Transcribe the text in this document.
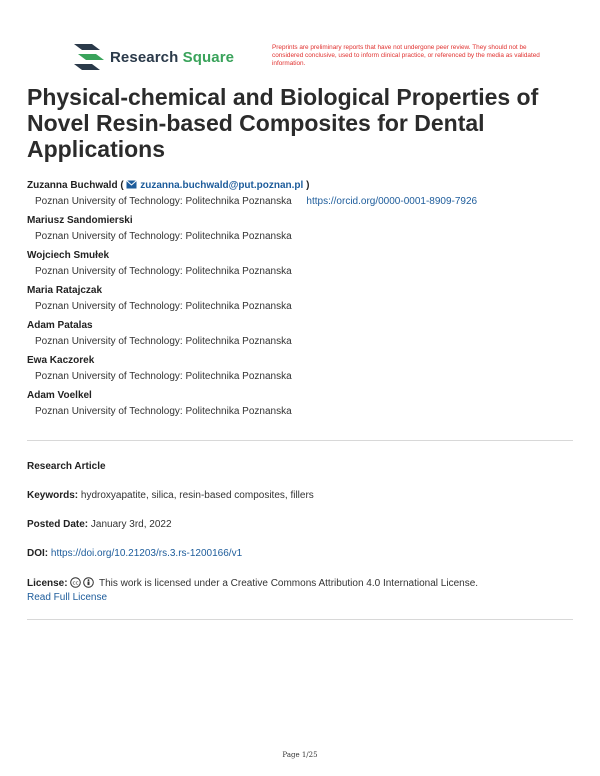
Research Square
Preprints are preliminary reports that have not undergone peer review. They should not be considered conclusive, used to inform clinical practice, or referenced by the media as validated information.
Physical-chemical and Biological Properties of Novel Resin-based Composites for Dental Applications
Zuzanna Buchwald (  zuzanna.buchwald@put.poznan.pl )
Poznan University of Technology: Politechnika Poznanska https://orcid.org/0000-0001-8909-7926
Mariusz Sandomierski
Poznan University of Technology: Politechnika Poznanska
Wojciech Smułek
Poznan University of Technology: Politechnika Poznanska
Maria Ratajczak
Poznan University of Technology: Politechnika Poznanska
Adam Patalas
Poznan University of Technology: Politechnika Poznanska
Ewa Kaczorek
Poznan University of Technology: Politechnika Poznanska
Adam Voelkel
Poznan University of Technology: Politechnika Poznanska
Research Article
Keywords: hydroxyapatite, silica, resin-based composites, fillers
Posted Date: January 3rd, 2022
DOI: https://doi.org/10.21203/rs.3.rs-1200166/v1
License: cc This work is licensed under a Creative Commons Attribution 4.0 International License.
Read Full License
Page 1/25
